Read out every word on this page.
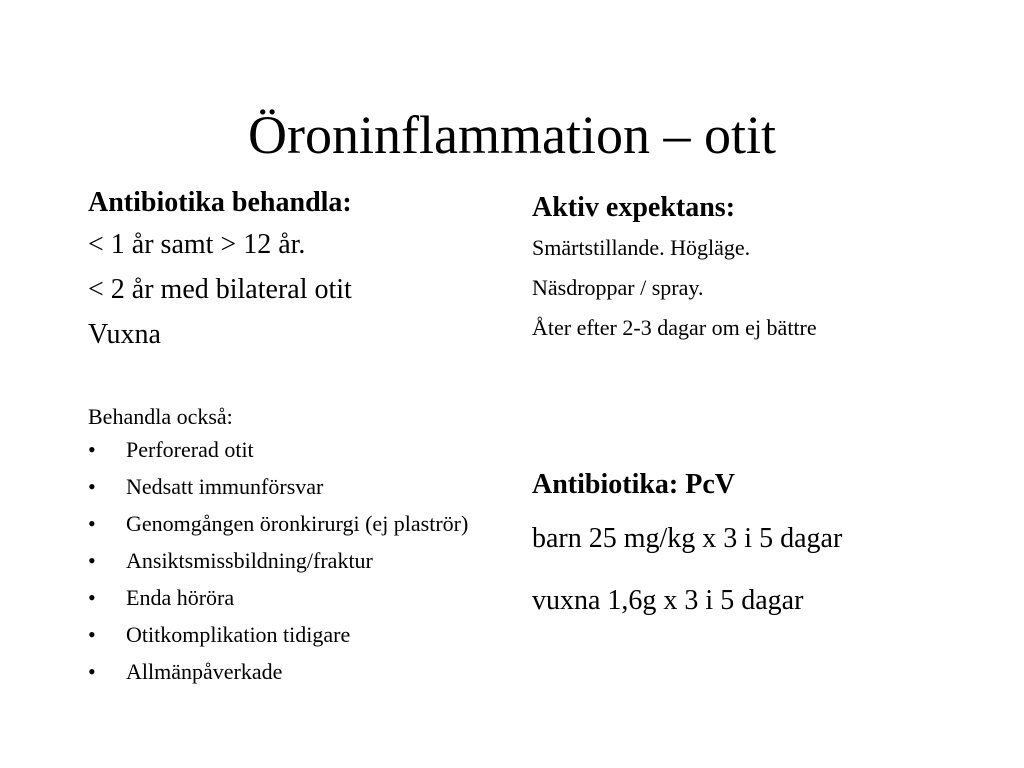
Öroninflammation – otit
Antibiotika behandla:
< 1 år samt > 12 år.
< 2 år med bilateral otit
Vuxna
Behandla också:
• Perforerad otit
• Nedsatt immunförsvar
• Genomgången öronkirurgi (ej plaströr)
• Ansiktsmissbildning/fraktur
• Enda höröra
• Otitkomplikation tidigare
• Allmänpåverkade
Aktiv expektans:
Smärtstillande. Högläge.
Näsdroppar / spray.
Åter efter 2-3 dagar om ej bättre
Antibiotika: PcV
barn 25 mg/kg x 3 i 5 dagar
vuxna 1,6g x 3 i 5 dagar
